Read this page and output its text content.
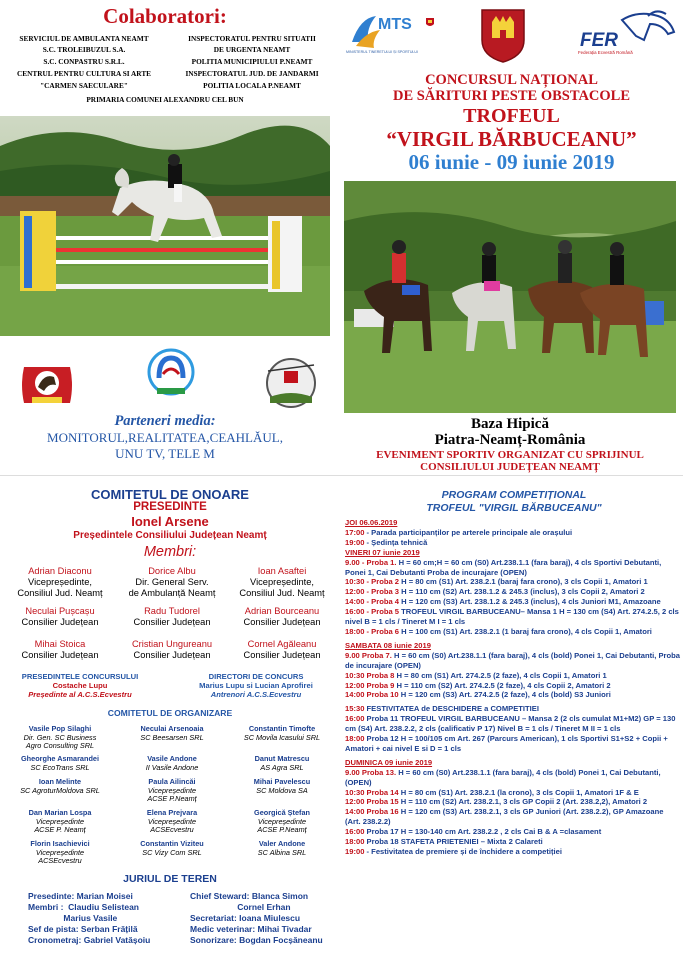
Colaboratori:
SERVICIUL DE AMBULANTA NEAMT
S.C. TROLEIBUZUL S.A.
S.C. CONPASTRU S.R.L.
CENTRUL PENTRU CULTURA SI ARTE
"CARMEN SAECULARE"
INSPECTORATUL PENTRU SITUATII
DE URGENTA NEAMT
POLITIA MUNICIPIULUI P.NEAMT
INSPECTORATUL JUD. DE JANDARMI
POLITIA LOCALA P.NEAMT
PRIMARIA COMUNEI ALEXANDRU CEL BUN
Parteneri media:
MONITORUL,REALITATEA,CEAHLĂUL,
UNU TV, TELE M
MTS
MINISTERUL TINERETULUI ȘI SPORTULUI
FER
Federația Ecvestră Română
CONCURSUL NAȚIONAL
DE SĂRITURI PESTE OBSTACOLE
TROFEUL
“VIRGIL BĂRBUCEANU”
06 iunie - 09 iunie 2019
Baza Hipică
Piatra-Neamț-România
EVENIMENT SPORTIV ORGANIZAT CU SPRIJINUL
CONSILIULUI JUDEȚEAN NEAMȚ
COMITETUL DE ONOARE
PRESEDINTE
Ionel Arsene
Președintele Consiliului Județean Neamț
Membri:
Adrian Diaconu
Vicepreședinte,
Consiliul Jud. Neamț
Dorice Albu
Dir. General Serv.
de Ambulanță Neamț
Ioan Asaftei
Vicepreședinte,
Consiliul Jud. Neamț
Neculai Pușcașu
Consilier Județean
Radu Tudorel
Consilier Județean
Adrian Bourceanu
Consilier Județean
Mihai Stoica
Consilier Județean
Cristian Ungureanu
Consilier Județean
Cornel Agăleanu
Consilier Județean
PRESEDINTELE CONCURSULUI
Costache Lupu

Președinte al A.C.S.Ecvestru
DIRECTORI DE CONCURS
Marius Lupu si Lucian Aprofirei

Antrenori A.C.S.Ecvestru
COMITETUL DE ORGANIZARE
Vasile Pop Silaghi
Dir. Gen. SC Business
Agro Consulting SRL
Neculai Arsenoaia
SC Beesarsen SRL
Constantin Timofte
SC Movila Icasului SRL
Gheorghe Asmarandei
SC EcoTrans SRL
Vasile Andone
II Vasile Andone
Danut Matrescu
AS Agra SRL
Ioan Melinte
SC AgroturMoldova SRL
Paula Ailincăi
Vicepreședinte
ACSE P.Neamț
Mihai Pavelescu
SC Moldova SA
Dan Marian Lospa
Vicepreședinte
ACSE P. Neamț
Elena Prejvara
Vicepreședinte
ACSEcvestru
Georgică Ștefan
Vicepreședinte
ACSE P.Neamț
Florin Isachievici
Vicepreședinte
ACSEcvestru
Constantin Viziteu
SC Vizy Com SRL
Valer Andone
SC Albina SRL
JURIUL DE TEREN
Presedinte: Marian Moisei
Membri :  Claudiu Selistean
Marius Vasile
Sef de pista: Serban Frățilă
Cronometraj: Gabriel Vatășoiu
Chief Steward: Blanca Simon
Cornel Erhan
Secretariat: Ioana Miulescu
Medic veterinar: Mihai Tivadar
Sonorizare: Bogdan Focșăneanu
PROGRAM COMPETIȚIONAL
TROFEUL "VIRGIL BĂRBUCEANU"
JOI 06.06.2019
17:00 - Parada participanților pe arterele principale ale orașului
19:00 - Ședința tehnică
VINERI 07 iunie 2019
9.00 - Proba 1. H = 60 cm;H = 60 cm (S0) Art.238.1.1 (fara baraj), 4 cls Sportivi Debutanti, Ponei 1, Cai Debutanti Proba de incurajare (OPEN)
10:30 - Proba 2 H = 80 cm (S1) Art. 238.2.1 (baraj fara crono), 3 cls Copii 1, Amatori 1
12:00 - Proba 3 H = 110 cm (S2) Art. 238.1.2 & 245.3 (inclus), 3 cls Copii 2, Amatori 2
14:00 - Proba 4 H = 120 cm (S3) Art. 238.1.2 & 245.3 (inclus), 4 cls Juniori M1, Amazoane
16:00 - Proba 5 TROFEUL VIRGIL BARBUCEANU– Mansa 1 H = 130 cm (S4) Art. 274.2.5, 2 cls nivel B = 1 cls / Tineret M I = 1 cls
18:00 - Proba 6 H = 100 cm (S1) Art. 238.2.1 (1 baraj fara crono), 4 cls Copii 1, Amatori
SAMBATA 08 iunie 2019
9.00 Proba 7. H = 60 cm (S0) Art.238.1.1 (fara baraj), 4 cls (bold) Ponei 1, Cai Debutanti, Proba de incurajare (OPEN)
10:30 Proba 8 H = 80 cm (S1) Art. 274.2.5 (2 faze), 4 cls Copii 1, Amatori 1
12:00 Proba 9 H = 110 cm (S2) Art. 274.2.5 (2 faze), 4 cls Copii 2, Amatori 2
14:00 Proba 10 H = 120 cm (S3) Art. 274.2.5 (2 faze), 4 cls (bold) S3 Juniori
15:30 FESTIVITATEA de DESCHIDERE a COMPETITIEI
16:00 Proba 11 TROFEUL VIRGIL BARBUCEANU – Mansa 2 (2 cls cumulat M1+M2) GP = 130 cm (S4) Art. 238.2.2, 2 cls (calificativ P 17) Nivel B = 1 cls / Tineret M II = 1 cls
18:00 Proba 12 H = 100/105 cm Art. 267 (Parcurs American), 1 cls Sportivi S1+S2 + Copii + Amatori + cai nivel E si D = 1 cls
DUMINICA 09 iunie 2019
9.00 Proba 13. H = 60 cm (S0) Art.238.1.1 (fara baraj), 4 cls (bold) Ponei 1, Cai Debutanti, (OPEN)
10:30 Proba 14 H = 80 cm (S1) Art. 238.2.1 (la crono), 3 cls Copii 1, Amatori 1F & E
12:00 Proba 15 H = 110 cm (S2) Art. 238.2.1, 3 cls GP Copii 2 (Art. 238.2,2), Amatori 2
14:00 Proba 16 H = 120 cm (S3) Art. 238.2.1, 3 cls GP Juniori (Art. 238.2.2), GP Amazoane (Art. 238.2.2)
16:00 Proba 17 H = 130-140 cm Art. 238.2.2 , 2 cls Cai B & A =clasament
18:00 Proba 18 STAFETA PRIETENIEI – Mixta 2 Calareti
19:00 - Festivitatea de premiere și de închidere a competiției
